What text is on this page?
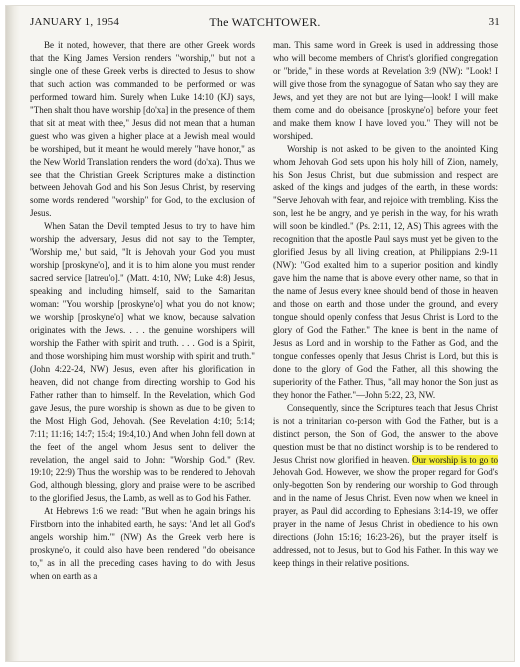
JANUARY 1, 1954	The WATCHTOWER.	31

Be it noted, however, that there are other Greek words that the King James Version renders "worship," but not a single one of these Greek verbs is directed to Jesus to show that such action was commanded to be performed or was performed toward him. Surely when Luke 14:10 (KJ) says, "Then shalt thou have worship [do'xa] in the presence of them that sit at meat with thee," Jesus did not mean that a human guest who was given a higher place at a Jewish meal would be worshiped, but it meant he would merely "have honor," as the New World Translation renders the word (do'xa). Thus we see that the Christian Greek Scriptures make a distinction between Jehovah God and his Son Jesus Christ, by reserving some words rendered "worship" for God, to the exclusion of Jesus.

When Satan the Devil tempted Jesus to try to have him worship the adversary, Jesus did not say to the Tempter, 'Worship me,' but said, "It is Jehovah your God you must worship [proskyne'o], and it is to him alone you must render sacred service [latreu'o]." (Matt. 4:10, NW; Luke 4:8) Jesus, speaking and including himself, said to the Samaritan woman: "You worship [proskyne'o] what you do not know; we worship [proskyne'o] what we know, because salvation originates with the Jews. . . . the genuine worshipers will worship the Father with spirit and truth. . . . God is a Spirit, and those worshiping him must worship with spirit and truth." (John 4:22-24, NW) Jesus, even after his glorification in heaven, did not change from directing worship to God his Father rather than to himself. In the Revelation, which God gave Jesus, the pure worship is shown as due to be given to the Most High God, Jehovah. (See Revelation 4:10; 5:14; 7:11; 11:16; 14:7; 15:4; 19:4,10.) And when John fell down at the feet of the angel whom Jesus sent to deliver the revelation, the angel said to John: "Worship God." (Rev. 19:10; 22:9) Thus the worship was to be rendered to Jehovah God, although blessing, glory and praise were to be ascribed to the glorified Jesus, the Lamb, as well as to God his Father.

At Hebrews 1:6 we read: "But when he again brings his Firstborn into the inhabited earth, he says: 'And let all God's angels worship him.'" (NW) As the Greek verb here is proskyne'o, it could also have been rendered "do obeisance to," as in all the preceding cases having to do with Jesus when on earth as a

man. This same word in Greek is used in addressing those who will become members of Christ's glorified congregation or "bride," in these words at Revelation 3:9 (NW): "Look! I will give those from the synagogue of Satan who say they are Jews, and yet they are not but are lying—look! I will make them come and do obeisance [proskyne'o] before your feet and make them know I have loved you." They will not be worshiped.

Worship is not asked to be given to the anointed King whom Jehovah God sets upon his holy hill of Zion, namely, his Son Jesus Christ, but due submission and respect are asked of the kings and judges of the earth, in these words: "Serve Jehovah with fear, and rejoice with trembling. Kiss the son, lest he be angry, and ye perish in the way, for his wrath will soon be kindled." (Ps. 2:11, 12, AS) This agrees with the recognition that the apostle Paul says must yet be given to the glorified Jesus by all living creation, at Philippians 2:9-11 (NW): "God exalted him to a superior position and kindly gave him the name that is above every other name, so that in the name of Jesus every knee should bend of those in heaven and those on earth and those under the ground, and every tongue should openly confess that Jesus Christ is Lord to the glory of God the Father." The knee is bent in the name of Jesus as Lord and in worship to the Father as God, and the tongue confesses openly that Jesus Christ is Lord, but this is done to the glory of God the Father, all this showing the superiority of the Father. Thus, "all may honor the Son just as they honor the Father."—John 5:22, 23, NW.

Consequently, since the Scriptures teach that Jesus Christ is not a trinitarian co-person with God the Father, but is a distinct person, the Son of God, the answer to the above question must be that no distinct worship is to be rendered to Jesus Christ now glorified in heaven. Our worship is to go to Jehovah God. However, we show the proper regard for God's only-begotten Son by rendering our worship to God through and in the name of Jesus Christ. Even now when we kneel in prayer, as Paul did according to Ephesians 3:14-19, we offer prayer in the name of Jesus Christ in obedience to his own directions (John 15:16; 16:23-26), but the prayer itself is addressed, not to Jesus, but to God his Father. In this way we keep things in their relative positions.
